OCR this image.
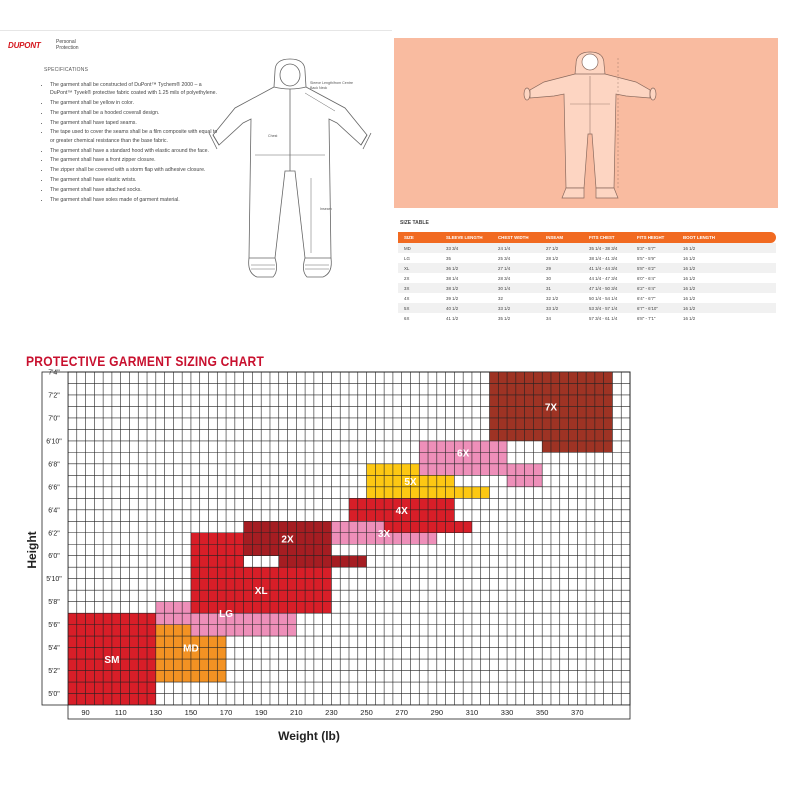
DUPONT	Personal Protection
SPECIFICATIONS
• The garment shall be constructed of DuPont™ Tychem® 2000 – a DuPont™ Tyvek® protective fabric coated with 1.25 mils of polyethylene.
• The garment shall be yellow in color.
• The garment shall be a hooded coverall design.
• The garment shall have taped seams.
• The tape used to cover the seams shall be a film composite with equal to or greater chemical resistance than the base fabric.
• The garment shall have a standard hood with elastic around the face.
• The garment shall have a front zipper closure.
• The zipper shall be covered with a storm flap with adhesive closure.
• The garment shall have elastic wrists.
• The garment shall have attached socks.
• The garment shall have soles made of garment material.
Sleeve Length/from Centre Back Neck
Chest
Inseam
SIZE TABLE
SIZE	SLEEVE LENGTH	CHEST WIDTH	INSEAM	FITS CHEST	FITS HEIGHT	BOOT LENGTH
MD	33 3/4	24 1/4	27 1/2	35 1/4 - 38 3/4	5'3" - 5'7"	16 1/2
LG	35	25 3/4	28 1/2	38 1/4 - 41 3/4	5'5" - 5'9"	16 1/2
XL	36 1/2	27 1/4	29	41 1/4 - 44 3/4	5'8" - 6'2"	16 1/2
2X	38 1/4	28 3/4	30	44 1/4 - 47 3/4	6'0" - 6'4"	16 1/2
3X	38 1/2	30 1/4	31	47 1/4 - 50 3/4	6'2" - 6'4"	16 1/2
4X	39 1/2	32	32 1/2	50 1/4 - 54 1/4	6'4" - 6'7"	16 1/2
5X	40 1/2	33 1/2	33 1/2	53 3/4 - 57 1/4	6'7" - 6'10"	16 1/2
6X	41 1/2	35 1/2	34	57 3/4 - 61 1/4	6'8" - 7'1"	16 1/2
PROTECTIVE GARMENT SIZING CHART
90	110	130	150	170	190	210	230	250	270	290	310	330	350	370
5'0"
5'2"
5'4"
5'6"
5'8"
5'10"
6'0"
6'2"
6'4"
6'6"
6'8"
6'10"
7'0"
7'2"
7'4"
SM
MD
LG
XL
2X
3X
4X
5X
6X
7X
Weight (lb)
Height
